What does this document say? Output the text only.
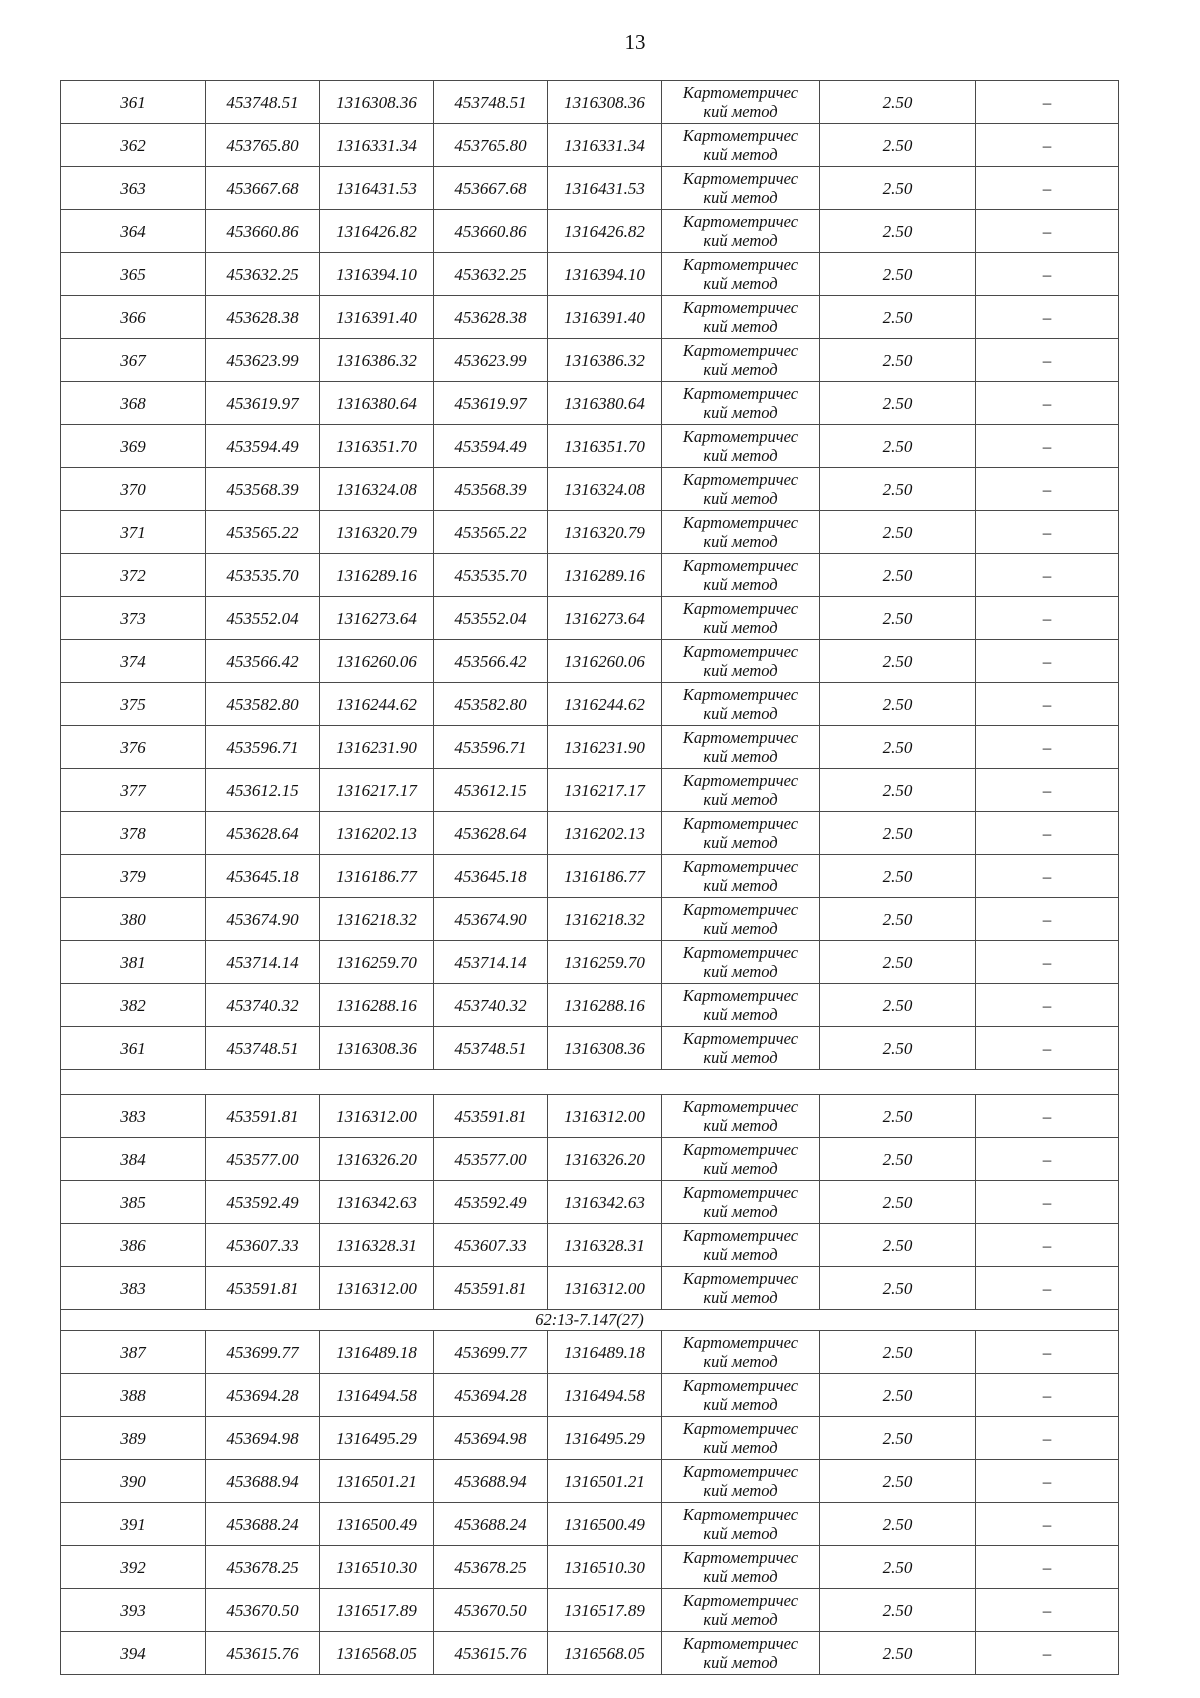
13
361	453748.51	1316308.36	453748.51	1316308.36	Картометричес
кий метод	2.50	–
362	453765.80	1316331.34	453765.80	1316331.34	Картометричес
кий метод	2.50	–
363	453667.68	1316431.53	453667.68	1316431.53	Картометричес
кий метод	2.50	–
364	453660.86	1316426.82	453660.86	1316426.82	Картометричес
кий метод	2.50	–
365	453632.25	1316394.10	453632.25	1316394.10	Картометричес
кий метод	2.50	–
366	453628.38	1316391.40	453628.38	1316391.40	Картометричес
кий метод	2.50	–
367	453623.99	1316386.32	453623.99	1316386.32	Картометричес
кий метод	2.50	–
368	453619.97	1316380.64	453619.97	1316380.64	Картометричес
кий метод	2.50	–
369	453594.49	1316351.70	453594.49	1316351.70	Картометричес
кий метод	2.50	–
370	453568.39	1316324.08	453568.39	1316324.08	Картометричес
кий метод	2.50	–
371	453565.22	1316320.79	453565.22	1316320.79	Картометричес
кий метод	2.50	–
372	453535.70	1316289.16	453535.70	1316289.16	Картометричес
кий метод	2.50	–
373	453552.04	1316273.64	453552.04	1316273.64	Картометричес
кий метод	2.50	–
374	453566.42	1316260.06	453566.42	1316260.06	Картометричес
кий метод	2.50	–
375	453582.80	1316244.62	453582.80	1316244.62	Картометричес
кий метод	2.50	–
376	453596.71	1316231.90	453596.71	1316231.90	Картометричес
кий метод	2.50	–
377	453612.15	1316217.17	453612.15	1316217.17	Картометричес
кий метод	2.50	–
378	453628.64	1316202.13	453628.64	1316202.13	Картометричес
кий метод	2.50	–
379	453645.18	1316186.77	453645.18	1316186.77	Картометричес
кий метод	2.50	–
380	453674.90	1316218.32	453674.90	1316218.32	Картометричес
кий метод	2.50	–
381	453714.14	1316259.70	453714.14	1316259.70	Картометричес
кий метод	2.50	–
382	453740.32	1316288.16	453740.32	1316288.16	Картометричес
кий метод	2.50	–
361	453748.51	1316308.36	453748.51	1316308.36	Картометричес
кий метод	2.50	–

383	453591.81	1316312.00	453591.81	1316312.00	Картометричес
кий метод	2.50	–
384	453577.00	1316326.20	453577.00	1316326.20	Картометричес
кий метод	2.50	–
385	453592.49	1316342.63	453592.49	1316342.63	Картометричес
кий метод	2.50	–
386	453607.33	1316328.31	453607.33	1316328.31	Картометричес
кий метод	2.50	–
383	453591.81	1316312.00	453591.81	1316312.00	Картометричес
кий метод	2.50	–
62:13-7.147(27)							
387	453699.77	1316489.18	453699.77	1316489.18	Картометричес
кий метод	2.50	–
388	453694.28	1316494.58	453694.28	1316494.58	Картометричес
кий метод	2.50	–
389	453694.98	1316495.29	453694.98	1316495.29	Картометричес
кий метод	2.50	–
390	453688.94	1316501.21	453688.94	1316501.21	Картометричес
кий метод	2.50	–
391	453688.24	1316500.49	453688.24	1316500.49	Картометричес
кий метод	2.50	–
392	453678.25	1316510.30	453678.25	1316510.30	Картометричес
кий метод	2.50	–
393	453670.50	1316517.89	453670.50	1316517.89	Картометричес
кий метод	2.50	–
394	453615.76	1316568.05	453615.76	1316568.05	Картометричес
кий метод	2.50	–
